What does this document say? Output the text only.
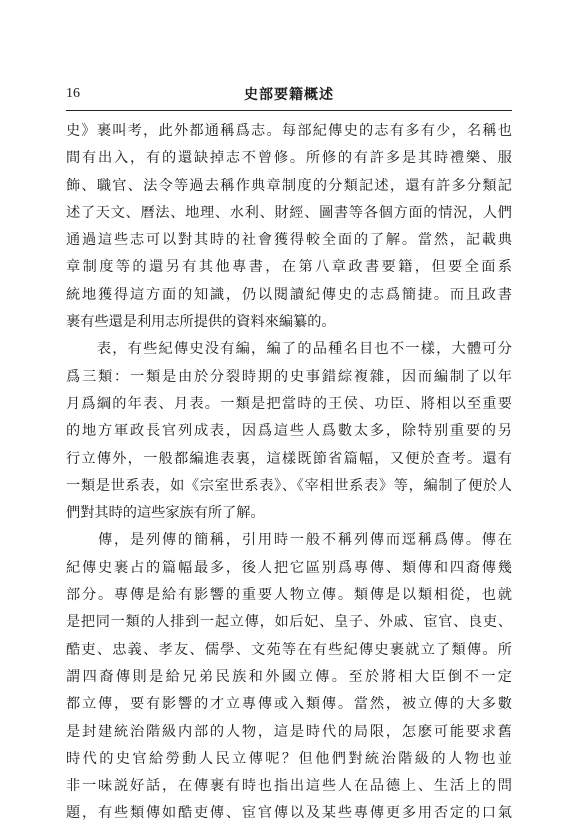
16	史部要籍概述
史》裹叫考，此外都通稱爲志。每部紀傳史的志有多有少，名稱也
間有出入，有的還缺掉志不曾修。所修的有許多是其時禮樂、服
飾、職官、法令等過去稱作典章制度的分類記述，還有許多分類記
述了天文、曆法、地理、水利、財經、圖書等各個方面的情況，人們
通過這些志可以對其時的社會獲得較全面的了解。當然，記載典
章制度等的還另有其他專書，在第八章政書要籍，但要全面系
統地獲得這方面的知識，仍以閱讀紀傳史的志爲簡捷。而且政書
裹有些還是利用志所提供的資料來編纂的。
　　表，有些紀傳史没有編，編了的品種名目也不一樣，大體可分
爲三類：一類是由於分裂時期的史事錯綜複雜，因而編制了以年
月爲綱的年表、月表。一類是把當時的王侯、功臣、將相以至重要
的地方軍政長官列成表，因爲這些人爲數太多，除特别重要的另
行立傳外，一般都編進表裏，這樣既節省篇幅，又便於查考。還有
一類是世系表，如《宗室世系表》、《宰相世系表》等，編制了便於人
們對其時的這些家族有所了解。
　　傳，是列傳的簡稱，引用時一般不稱列傳而逕稱爲傳。傳在
紀傳史裹占的篇幅最多，後人把它區别爲專傳、類傳和四裔傳幾
部分。專傳是給有影響的重要人物立傳。類傳是以類相從，也就
是把同一類的人排到一起立傳，如后妃、皇子、外戚、宦官、良吏、
酷吏、忠義、孝友、儒學、文苑等在有些紀傳史裹就立了類傳。所
謂四裔傳則是給兄弟民族和外國立傳。至於將相大臣倒不一定
都立傳，要有影響的才立專傳或入類傳。當然，被立傳的大多數
是封建統治階級内部的人物，這是時代的局限，怎麽可能要求舊
時代的史官給勞動人民立傳呢？但他們對統治階級的人物也並
非一味説好話，在傳裹有時也指出這些人在品德上、生活上的問
題，有些類傳如酷吏傳、宦官傳以及某些專傳更多用否定的口氣
